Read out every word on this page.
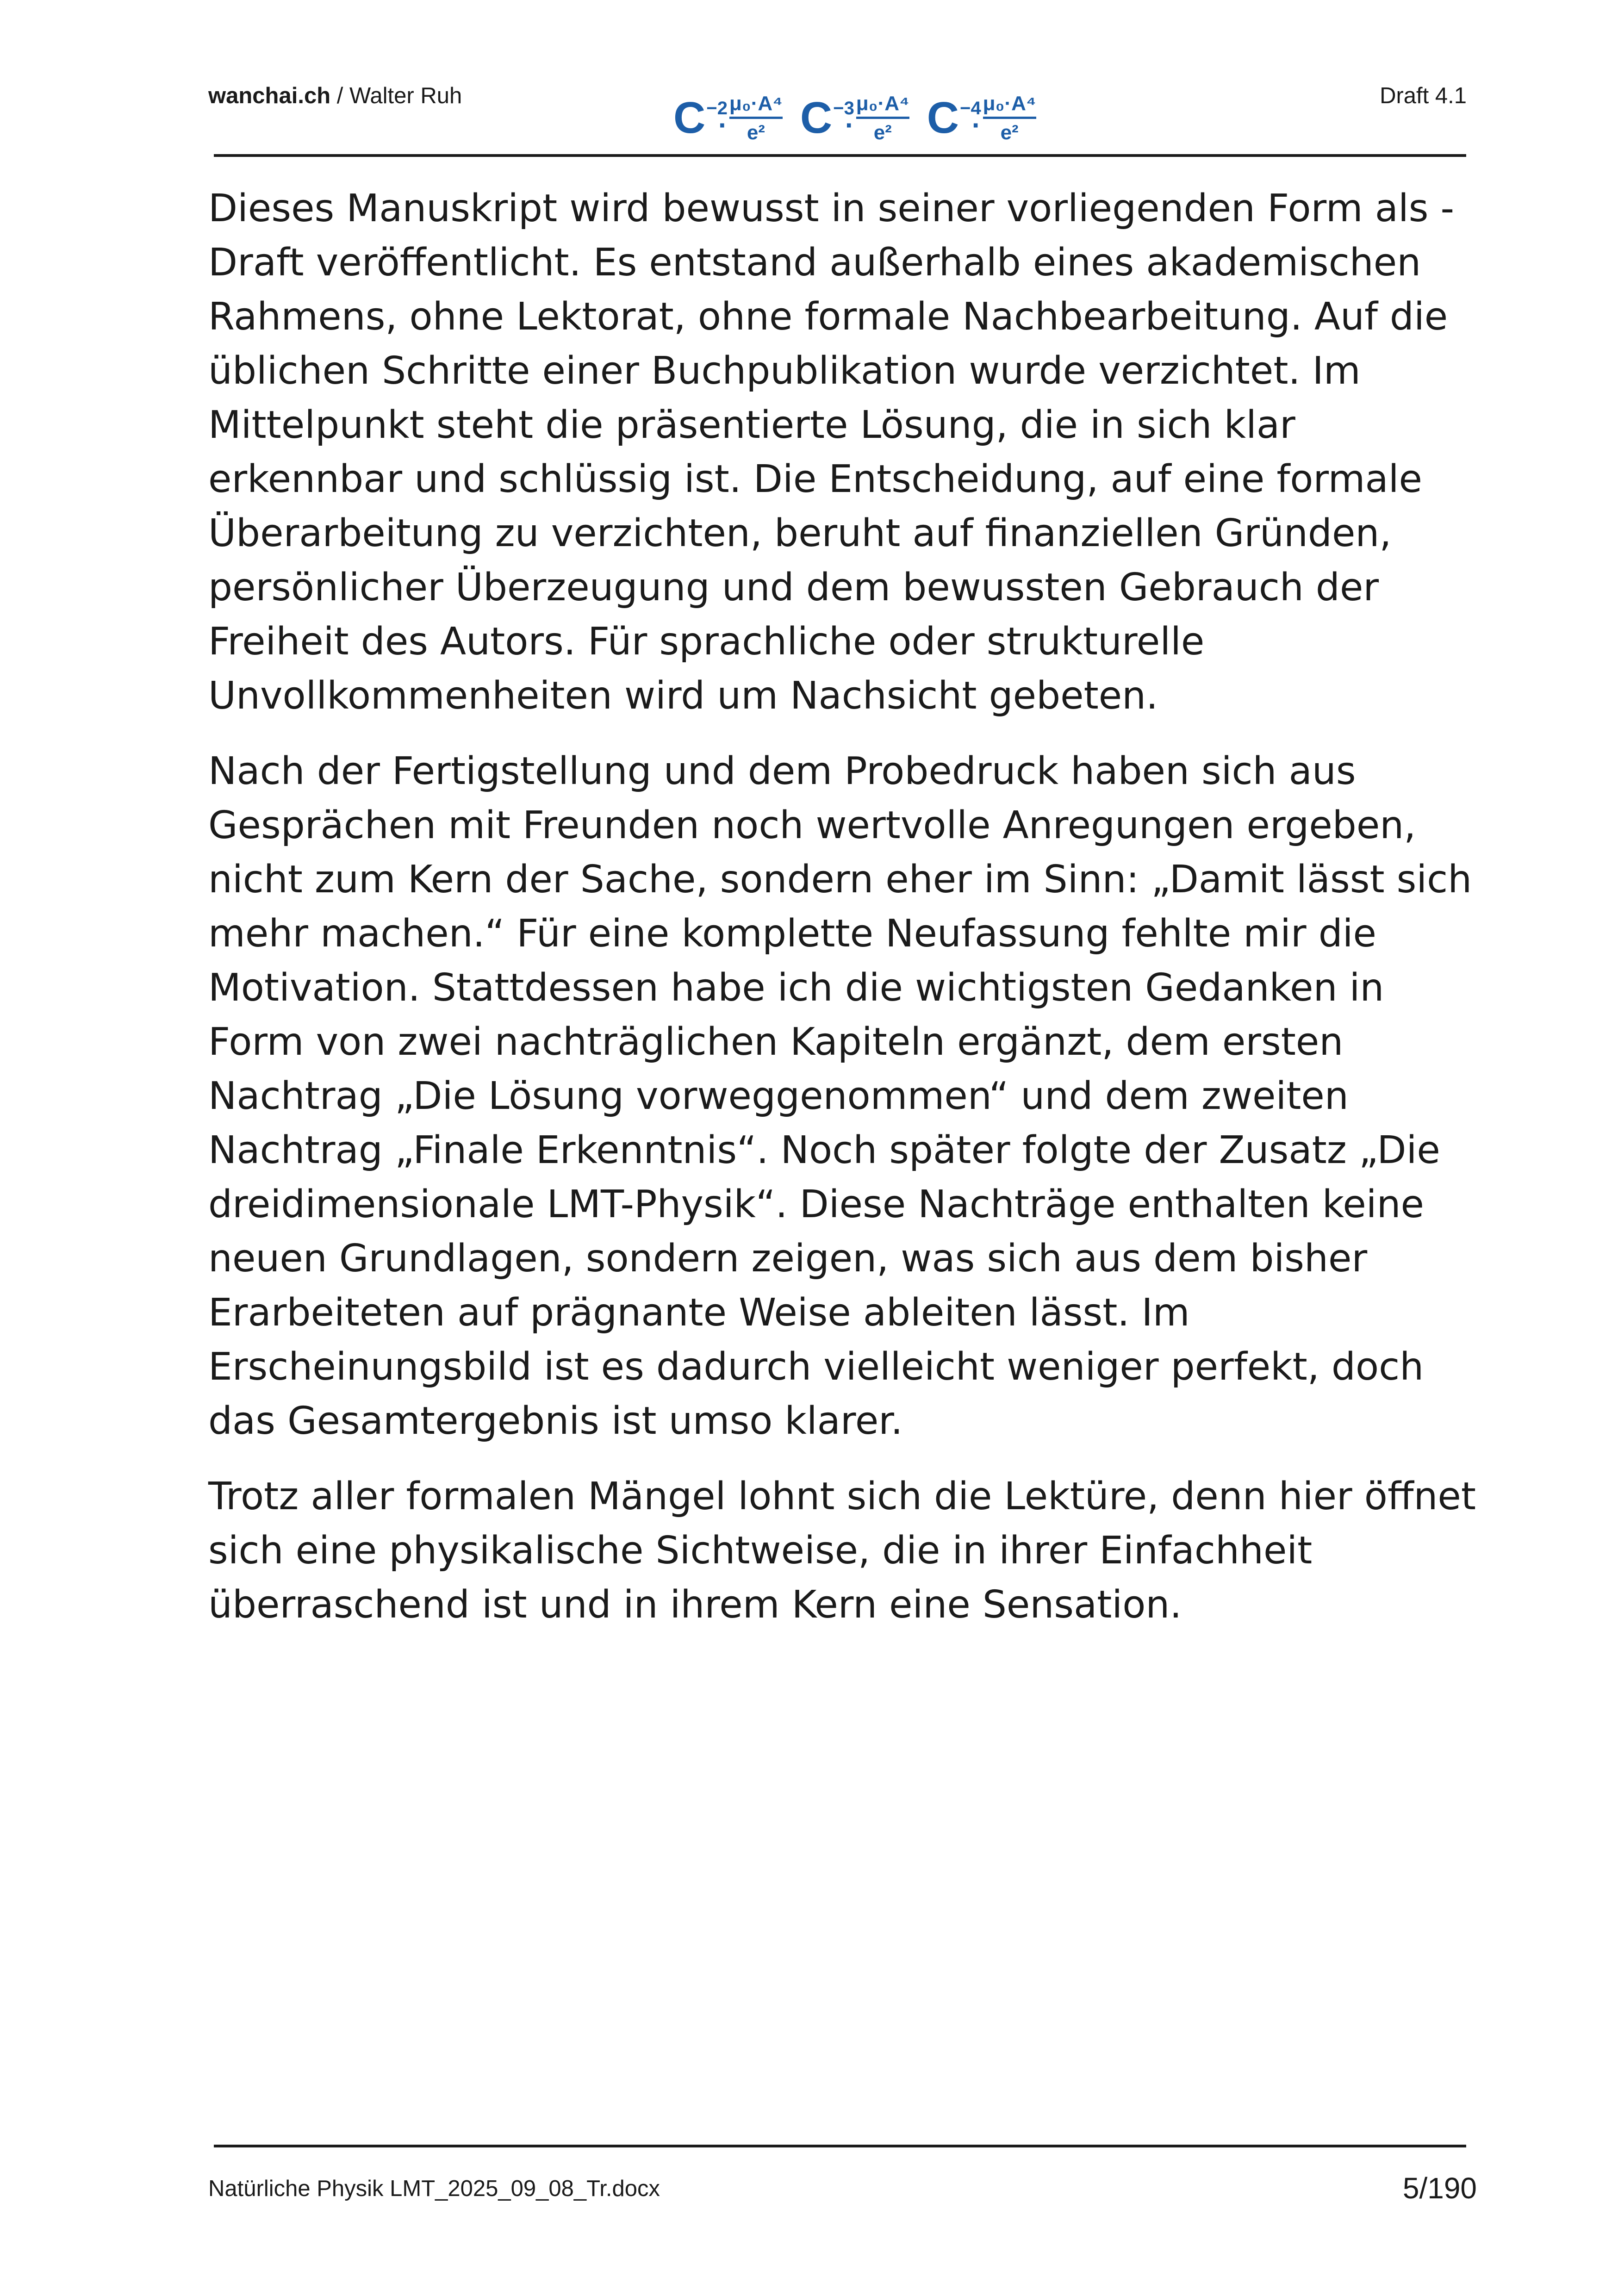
wanchai.ch / Walter Ruh	C −2
·
μ₀·A⁴
e² C −3
·
μ₀·A⁴
e² C −4
·
μ₀·A⁴
e²
Draft 4.1

Dieses Manuskript wird bewusst in seiner vorliegenden Form als - Draft veröffentlicht. Es entstand außerhalb eines akademischen Rahmens, ohne Lektorat, ohne formale Nachbearbeitung. Auf die üblichen Schritte einer Buchpublikation wurde verzichtet. Im Mittelpunkt steht die präsentierte Lösung, die in sich klar erkennbar und schlüssig ist. Die Entscheidung, auf eine formale Überarbeitung zu verzichten, beruht auf finanziellen Gründen, persönlicher Überzeugung und dem bewussten Gebrauch der Freiheit des Autors. Für sprachliche oder strukturelle Unvollkommenheiten wird um Nachsicht gebeten.

Nach der Fertigstellung und dem Probedruck haben sich aus Gesprächen mit Freunden noch wertvolle Anregungen ergeben, nicht zum Kern der Sache, sondern eher im Sinn: „Damit lässt sich mehr machen.“ Für eine komplette Neufassung fehlte mir die Motivation. Stattdessen habe ich die wichtigsten Gedanken in Form von zwei nachträglichen Kapiteln ergänzt, dem ersten Nachtrag „Die Lösung vorweggenommen“ und dem zweiten Nachtrag „Finale Erkenntnis“. Noch später folgte der Zusatz „Die dreidimensionale LMT-Physik“. Diese Nachträge enthalten keine neuen Grundlagen, sondern zeigen, was sich aus dem bisher Erarbeiteten auf prägnante Weise ableiten lässt. Im Erscheinungsbild ist es dadurch vielleicht weniger perfekt, doch das Gesamtergebnis ist umso klarer.

Trotz aller formalen Mängel lohnt sich die Lektüre, denn hier öffnet sich eine physikalische Sichtweise, die in ihrer Einfachheit überraschend ist und in ihrem Kern eine Sensation.

Natürliche Physik LMT_2025_09_08_Tr.docx	5/190
